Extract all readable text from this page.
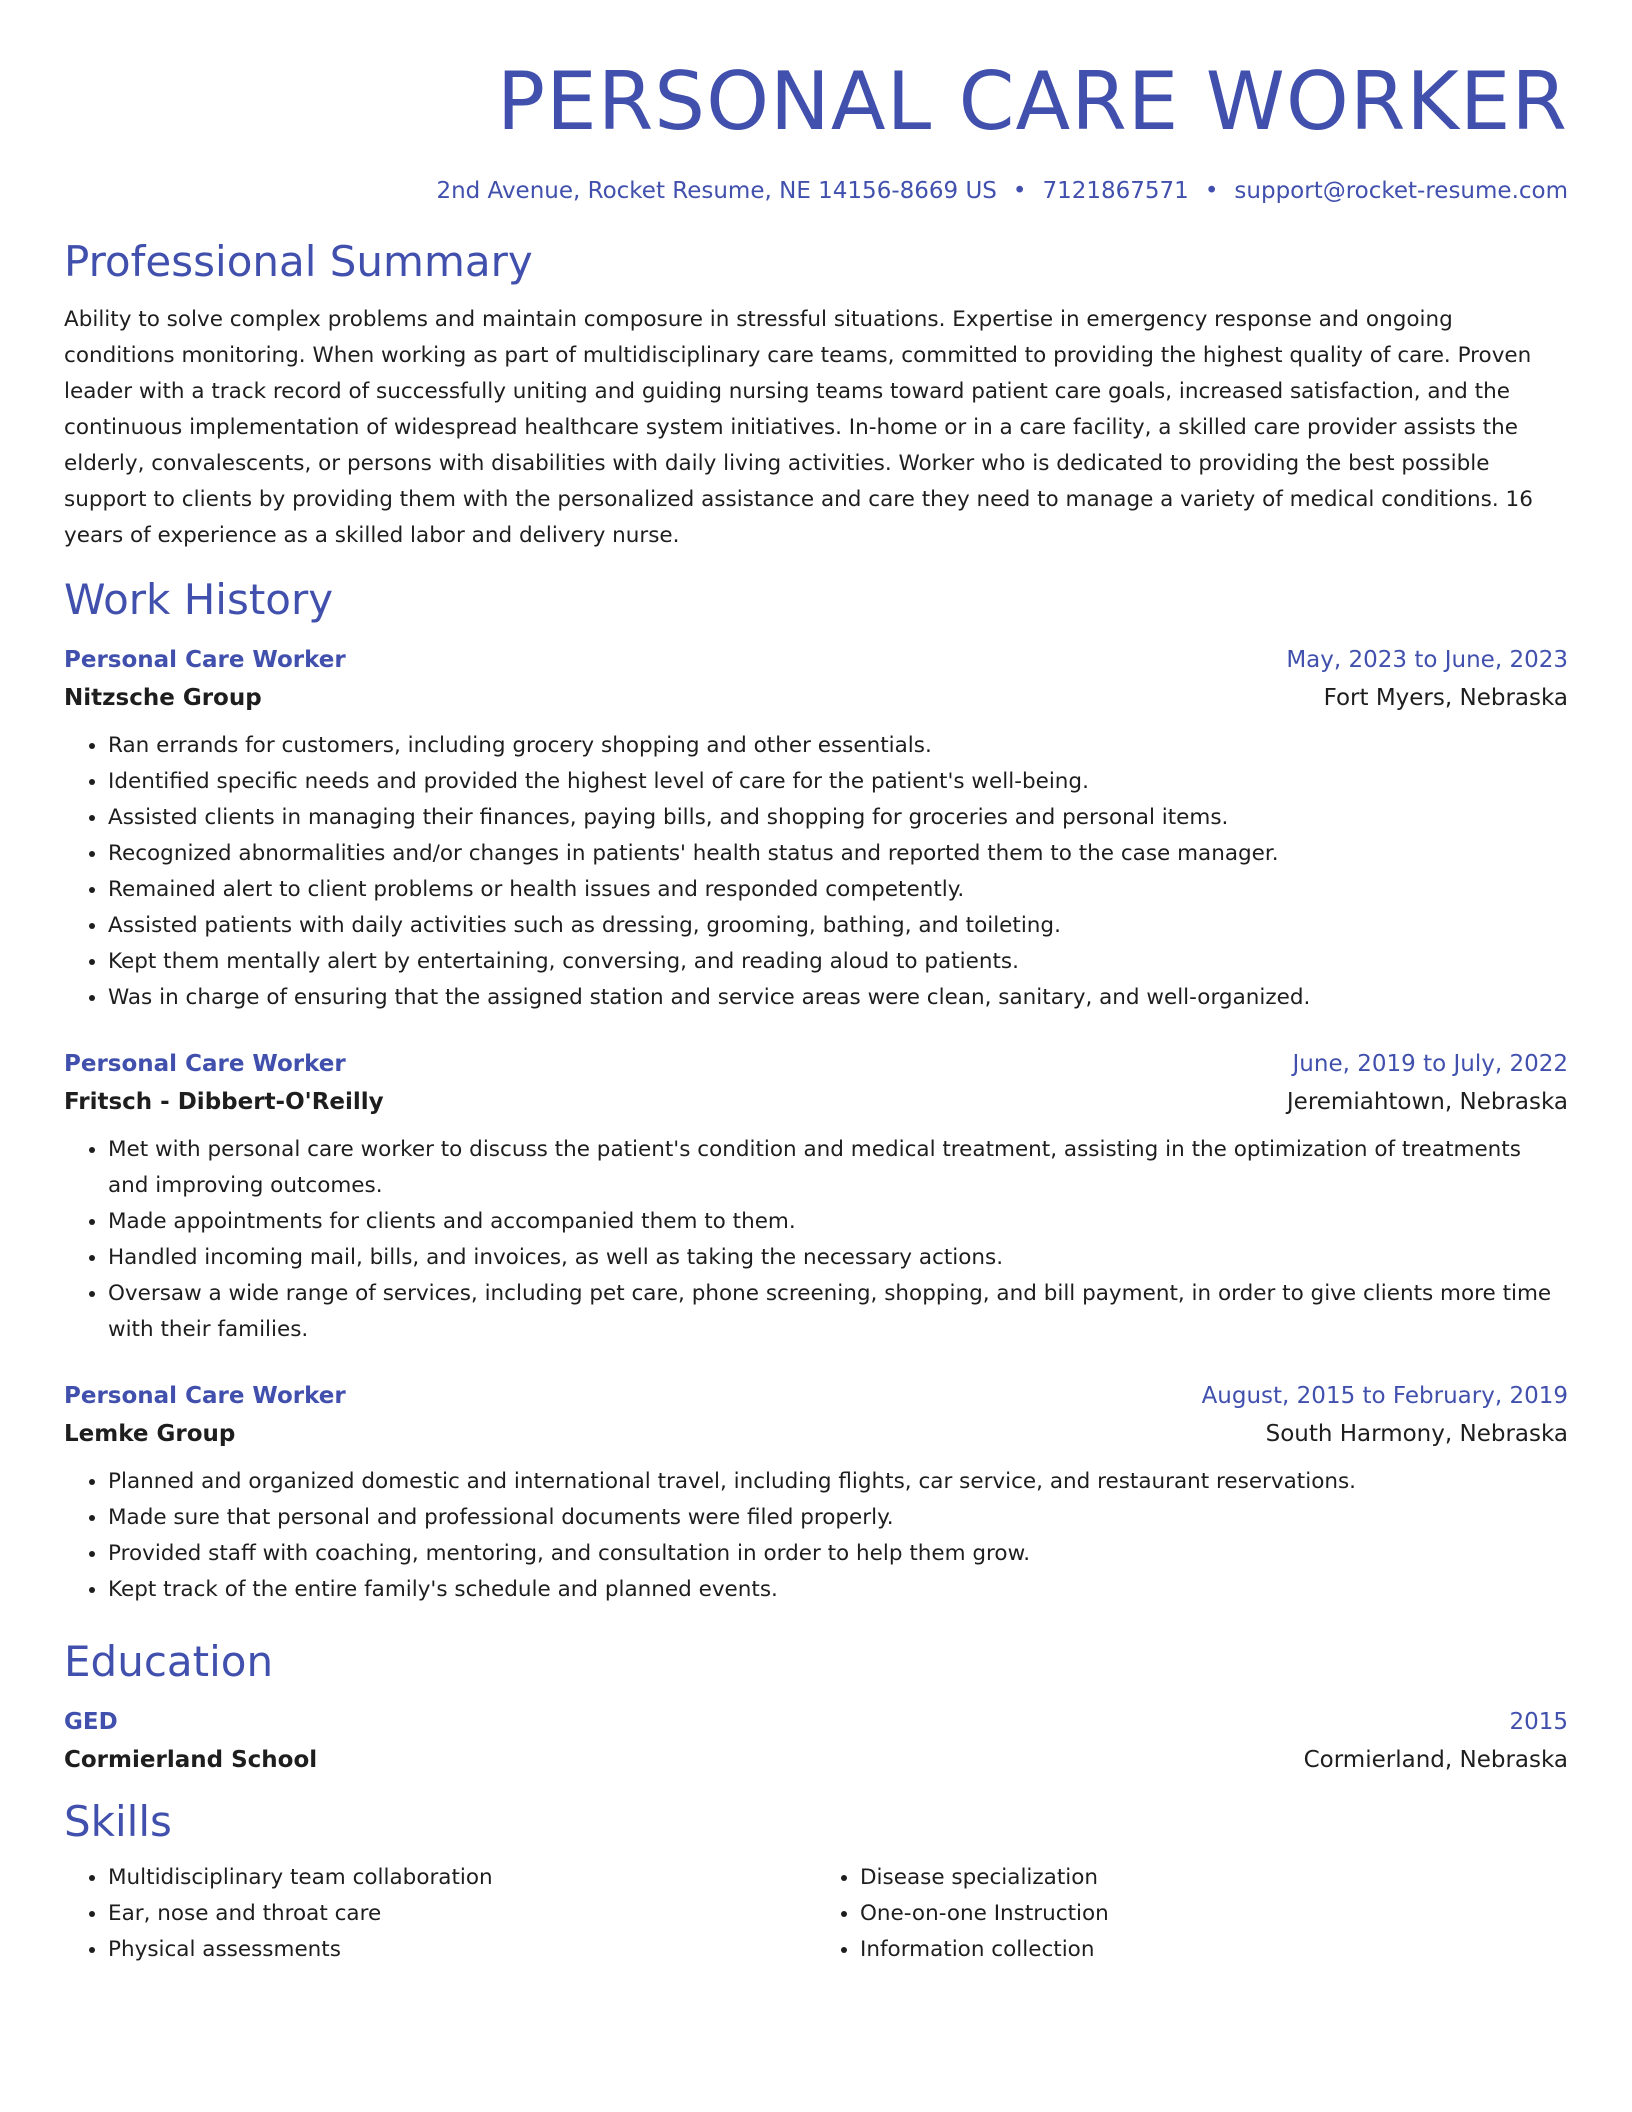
PERSONAL CARE WORKER
2nd Avenue, Rocket Resume, NE 14156-8669 US • 7121867571 • support@rocket-resume.com
Professional Summary
Ability to solve complex problems and maintain composure in stressful situations. Expertise in emergency response and ongoing conditions monitoring. When working as part of multidisciplinary care teams, committed to providing the highest quality of care. Proven leader with a track record of successfully uniting and guiding nursing teams toward patient care goals, increased satisfaction, and the continuous implementation of widespread healthcare system initiatives. In-home or in a care facility, a skilled care provider assists the elderly, convalescents, or persons with disabilities with daily living activities. Worker who is dedicated to providing the best possible support to clients by providing them with the personalized assistance and care they need to manage a variety of medical conditions. 16 years of experience as a skilled labor and delivery nurse.
Work History
Personal Care Worker	May, 2023 to June, 2023
Nitzsche Group	Fort Myers, Nebraska
• Ran errands for customers, including grocery shopping and other essentials.
• Identified specific needs and provided the highest level of care for the patient's well-being.
• Assisted clients in managing their finances, paying bills, and shopping for groceries and personal items.
• Recognized abnormalities and/or changes in patients' health status and reported them to the case manager.
• Remained alert to client problems or health issues and responded competently.
• Assisted patients with daily activities such as dressing, grooming, bathing, and toileting.
• Kept them mentally alert by entertaining, conversing, and reading aloud to patients.
• Was in charge of ensuring that the assigned station and service areas were clean, sanitary, and well-organized.
Personal Care Worker	June, 2019 to July, 2022
Fritsch - Dibbert-O'Reilly	Jeremiahtown, Nebraska
• Met with personal care worker to discuss the patient's condition and medical treatment, assisting in the optimization of treatments and improving outcomes.
• Made appointments for clients and accompanied them to them.
• Handled incoming mail, bills, and invoices, as well as taking the necessary actions.
• Oversaw a wide range of services, including pet care, phone screening, shopping, and bill payment, in order to give clients more time with their families.
Personal Care Worker	August, 2015 to February, 2019
Lemke Group	South Harmony, Nebraska
• Planned and organized domestic and international travel, including flights, car service, and restaurant reservations.
• Made sure that personal and professional documents were filed properly.
• Provided staff with coaching, mentoring, and consultation in order to help them grow.
• Kept track of the entire family's schedule and planned events.
Education
GED	2015
Cormierland School	Cormierland, Nebraska
Skills
• Multidisciplinary team collaboration
• Ear, nose and throat care
• Physical assessments
• Disease specialization
• One-on-one Instruction
• Information collection
